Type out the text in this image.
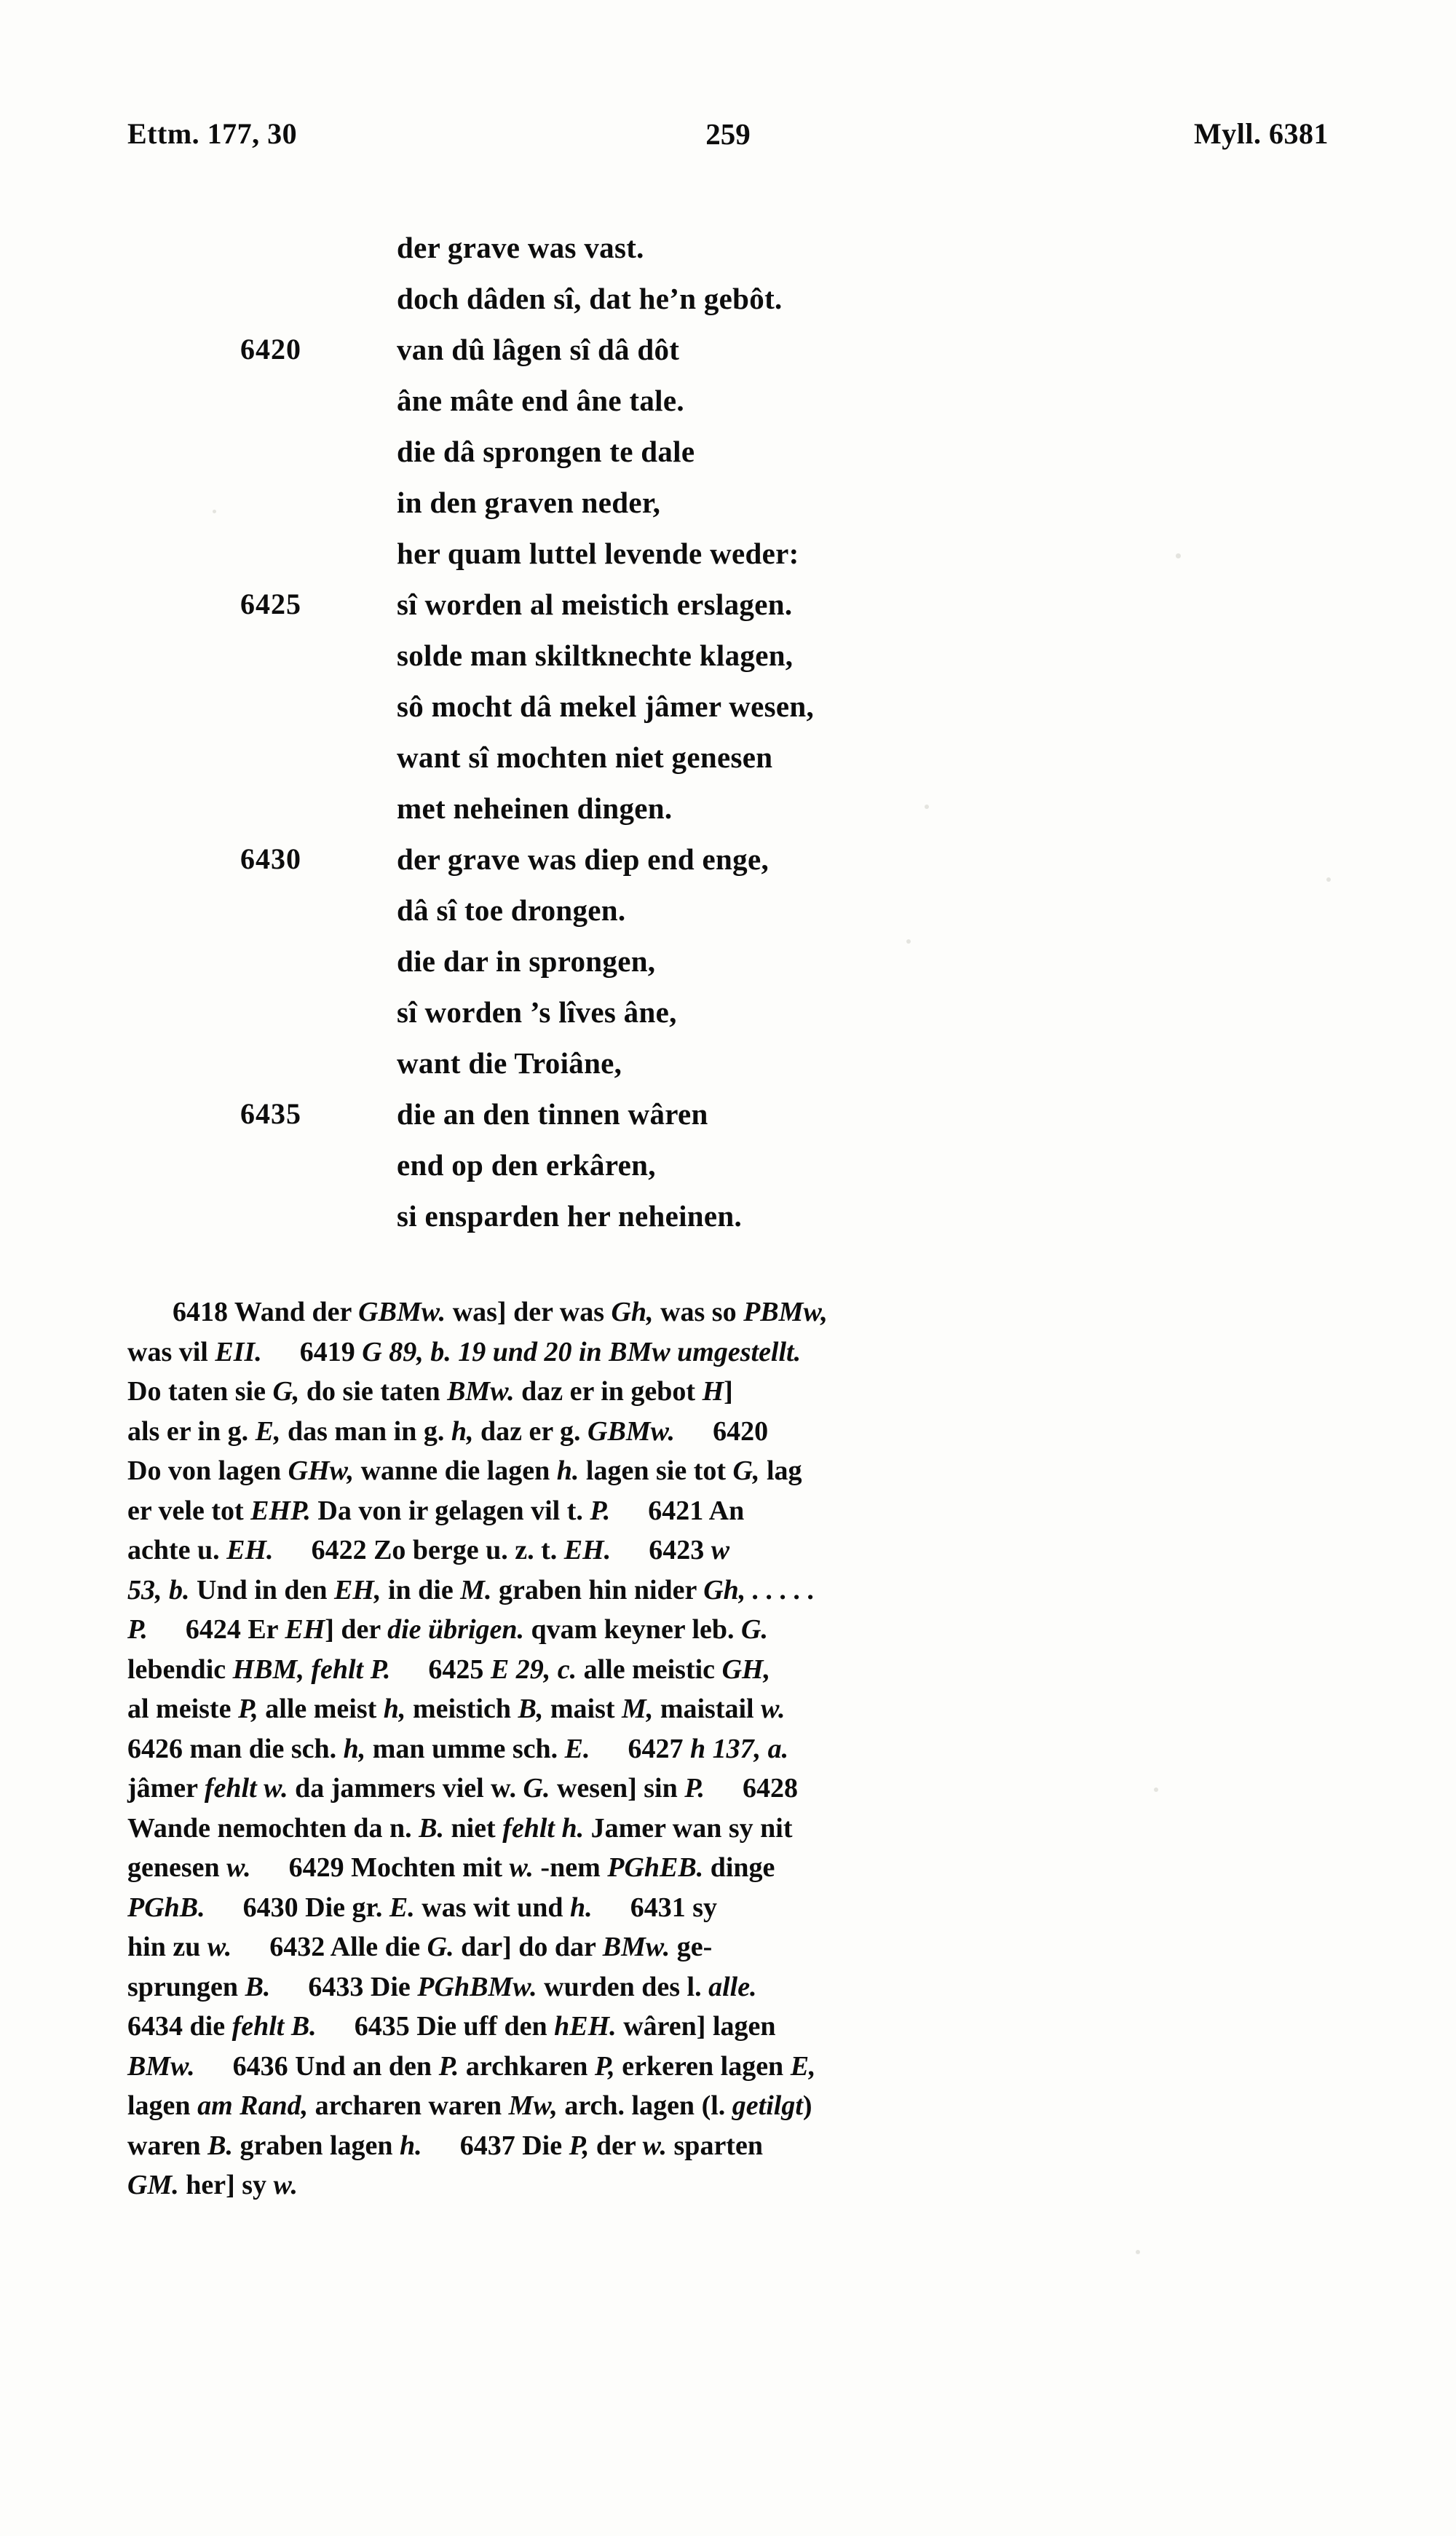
Ettm. 177, 30	259	Myll. 6381
der grave was vast.
doch dâden sî, dat he’n gebôt.
6420	van dû lâgen sî dâ dôt
âne mâte end âne tale.
die dâ sprongen te dale
in den graven neder,
her quam luttel levende weder:
6425	sî worden al meistich erslagen.
solde man skiltknechte klagen,
sô mocht dâ mekel jâmer wesen,
want sî mochten niet genesen
met neheinen dingen.
6430	der grave was diep end enge,
dâ sî toe drongen.
die dar in sprongen,
sî worden ’s lîves âne,
want die Troiâne,
6435	die an den tinnen wâren
end op den erkâren,
si ensparden her neheinen.
6418 Wand der GBMw. was] der was Gh, was so PBMw,
was vil EII. 6419 G 89, b. 19 und 20 in BMw umgestellt.
Do taten sie G, do sie taten BMw. daz er in gebot H]
als er in g. E, das man in g. h, daz er g. GBMw. 6420
Do von lagen GHw, wanne die lagen h. lagen sie tot G, lag
er vele tot EHP. Da von ir gelagen vil t. P. 6421 An
achte u. EH. 6422 Zo berge u. z. t. EH. 6423 w
53, b. Und in den EH, in die M. graben hin nider Gh, . . . . .
P. 6424 Er EH] der die übrigen. qvam keyner leb. G.
lebendic HBM, fehlt P. 6425 E 29, c. alle meistic GH,
al meiste P, alle meist h, meistich B, maist M, maistail w.
6426 man die sch. h, man umme sch. E. 6427 h 137, a.
jâmer fehlt w. da jammers viel w. G. wesen] sin P. 6428
Wande nemochten da n. B. niet fehlt h. Jamer wan sy nit
genesen w. 6429 Mochten mit w. -nem PGhEB. dinge
PGhB. 6430 Die gr. E. was wit und h. 6431 sy
hin zu w. 6432 Alle die G. dar] do dar BMw. ge-
sprungen B. 6433 Die PGhBMw. wurden des l. alle.
6434 die fehlt B. 6435 Die uff den hEH. wâren] lagen
BMw. 6436 Und an den P. archkaren P, erkeren lagen E,
lagen am Rand, archaren waren Mw, arch. lagen (l. getilgt)
waren B. graben lagen h. 6437 Die P, der w. sparten
GM. her] sy w.
